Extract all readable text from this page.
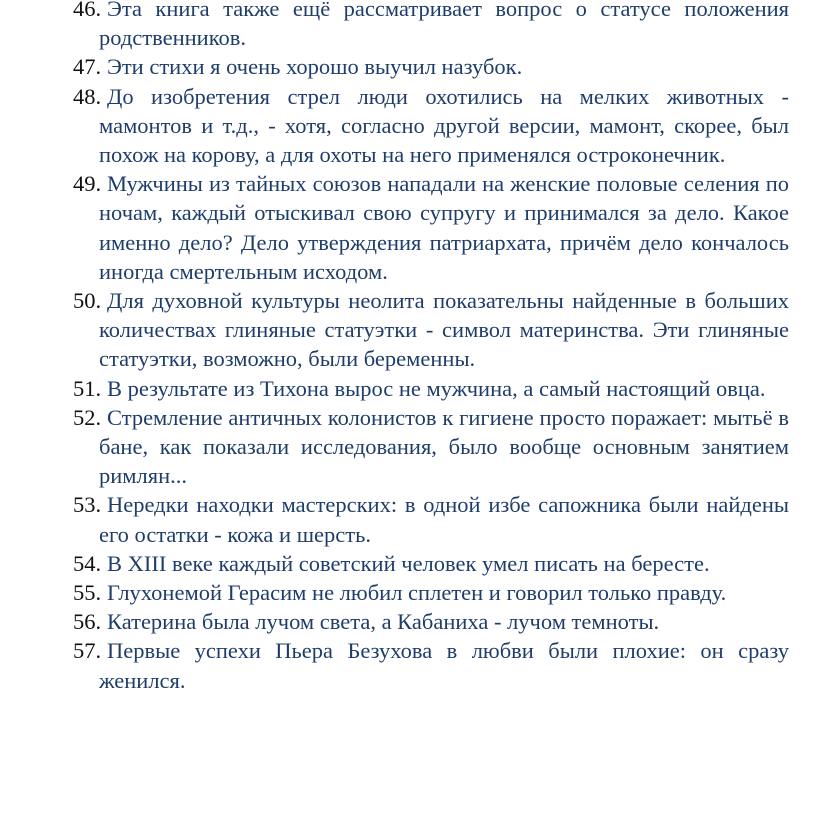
46. Эта книга также ещё рассматривает вопрос о статусе положения родственников.
47. Эти стихи я очень хорошо выучил назубок.
48. До изобретения стрел люди охотились на мелких животных - мамонтов и т.д., - хотя, согласно другой версии, мамонт, скорее, был похож на корову, а для охоты на него применялся остроконечник.
49. Мужчины из тайных союзов нападали на женские половые селения по ночам, каждый отыскивал свою супругу и принимался за дело. Какое именно дело? Дело утверждения патриархата, причём дело кончалось иногда смертельным исходом.
50. Для духовной культуры неолита показательны найденные в больших количествах глиняные статуэтки - символ материнства. Эти глиняные статуэтки, возможно, были беременны.
51. В результате из Тихона вырос не мужчина, а самый настоящий овца.
52. Стремление античных колонистов к гигиене просто поражает: мытьё в бане, как показали исследования, было вообще основным занятием римлян...
53. Нередки находки мастерских: в одной избе сапожника были найдены его остатки - кожа и шерсть.
54. В XIII веке каждый советский человек умел писать на бересте.
55. Глухонемой Герасим не любил сплетен и говорил только правду.
56. Катерина была лучом света, а Кабаниха - лучом темноты.
57. Первые успехи Пьера Безухова в любви были плохие: он сразу женился.
